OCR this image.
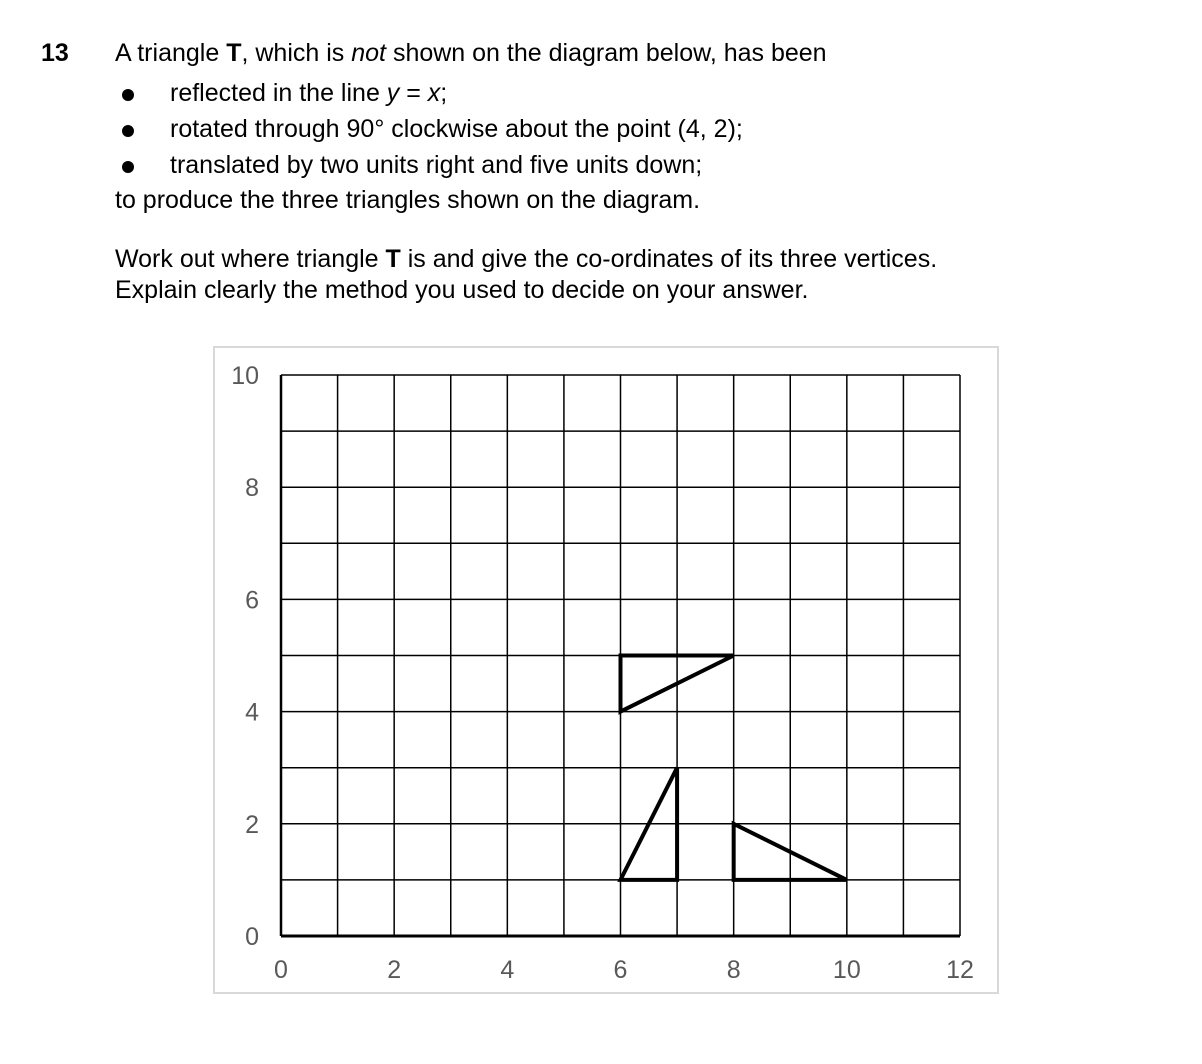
13 A triangle T, which is not shown on the diagram below, has been
reflected in the line y = x;
rotated through 90° clockwise about the point (4, 2);
translated by two units right and five units down;
to produce the three triangles shown on the diagram.
Work out where triangle T is and give the co-ordinates of its three vertices.
Explain clearly the method you used to decide on your answer.
0	2	4	6	8	10	12
0
2
4
6
8
10
